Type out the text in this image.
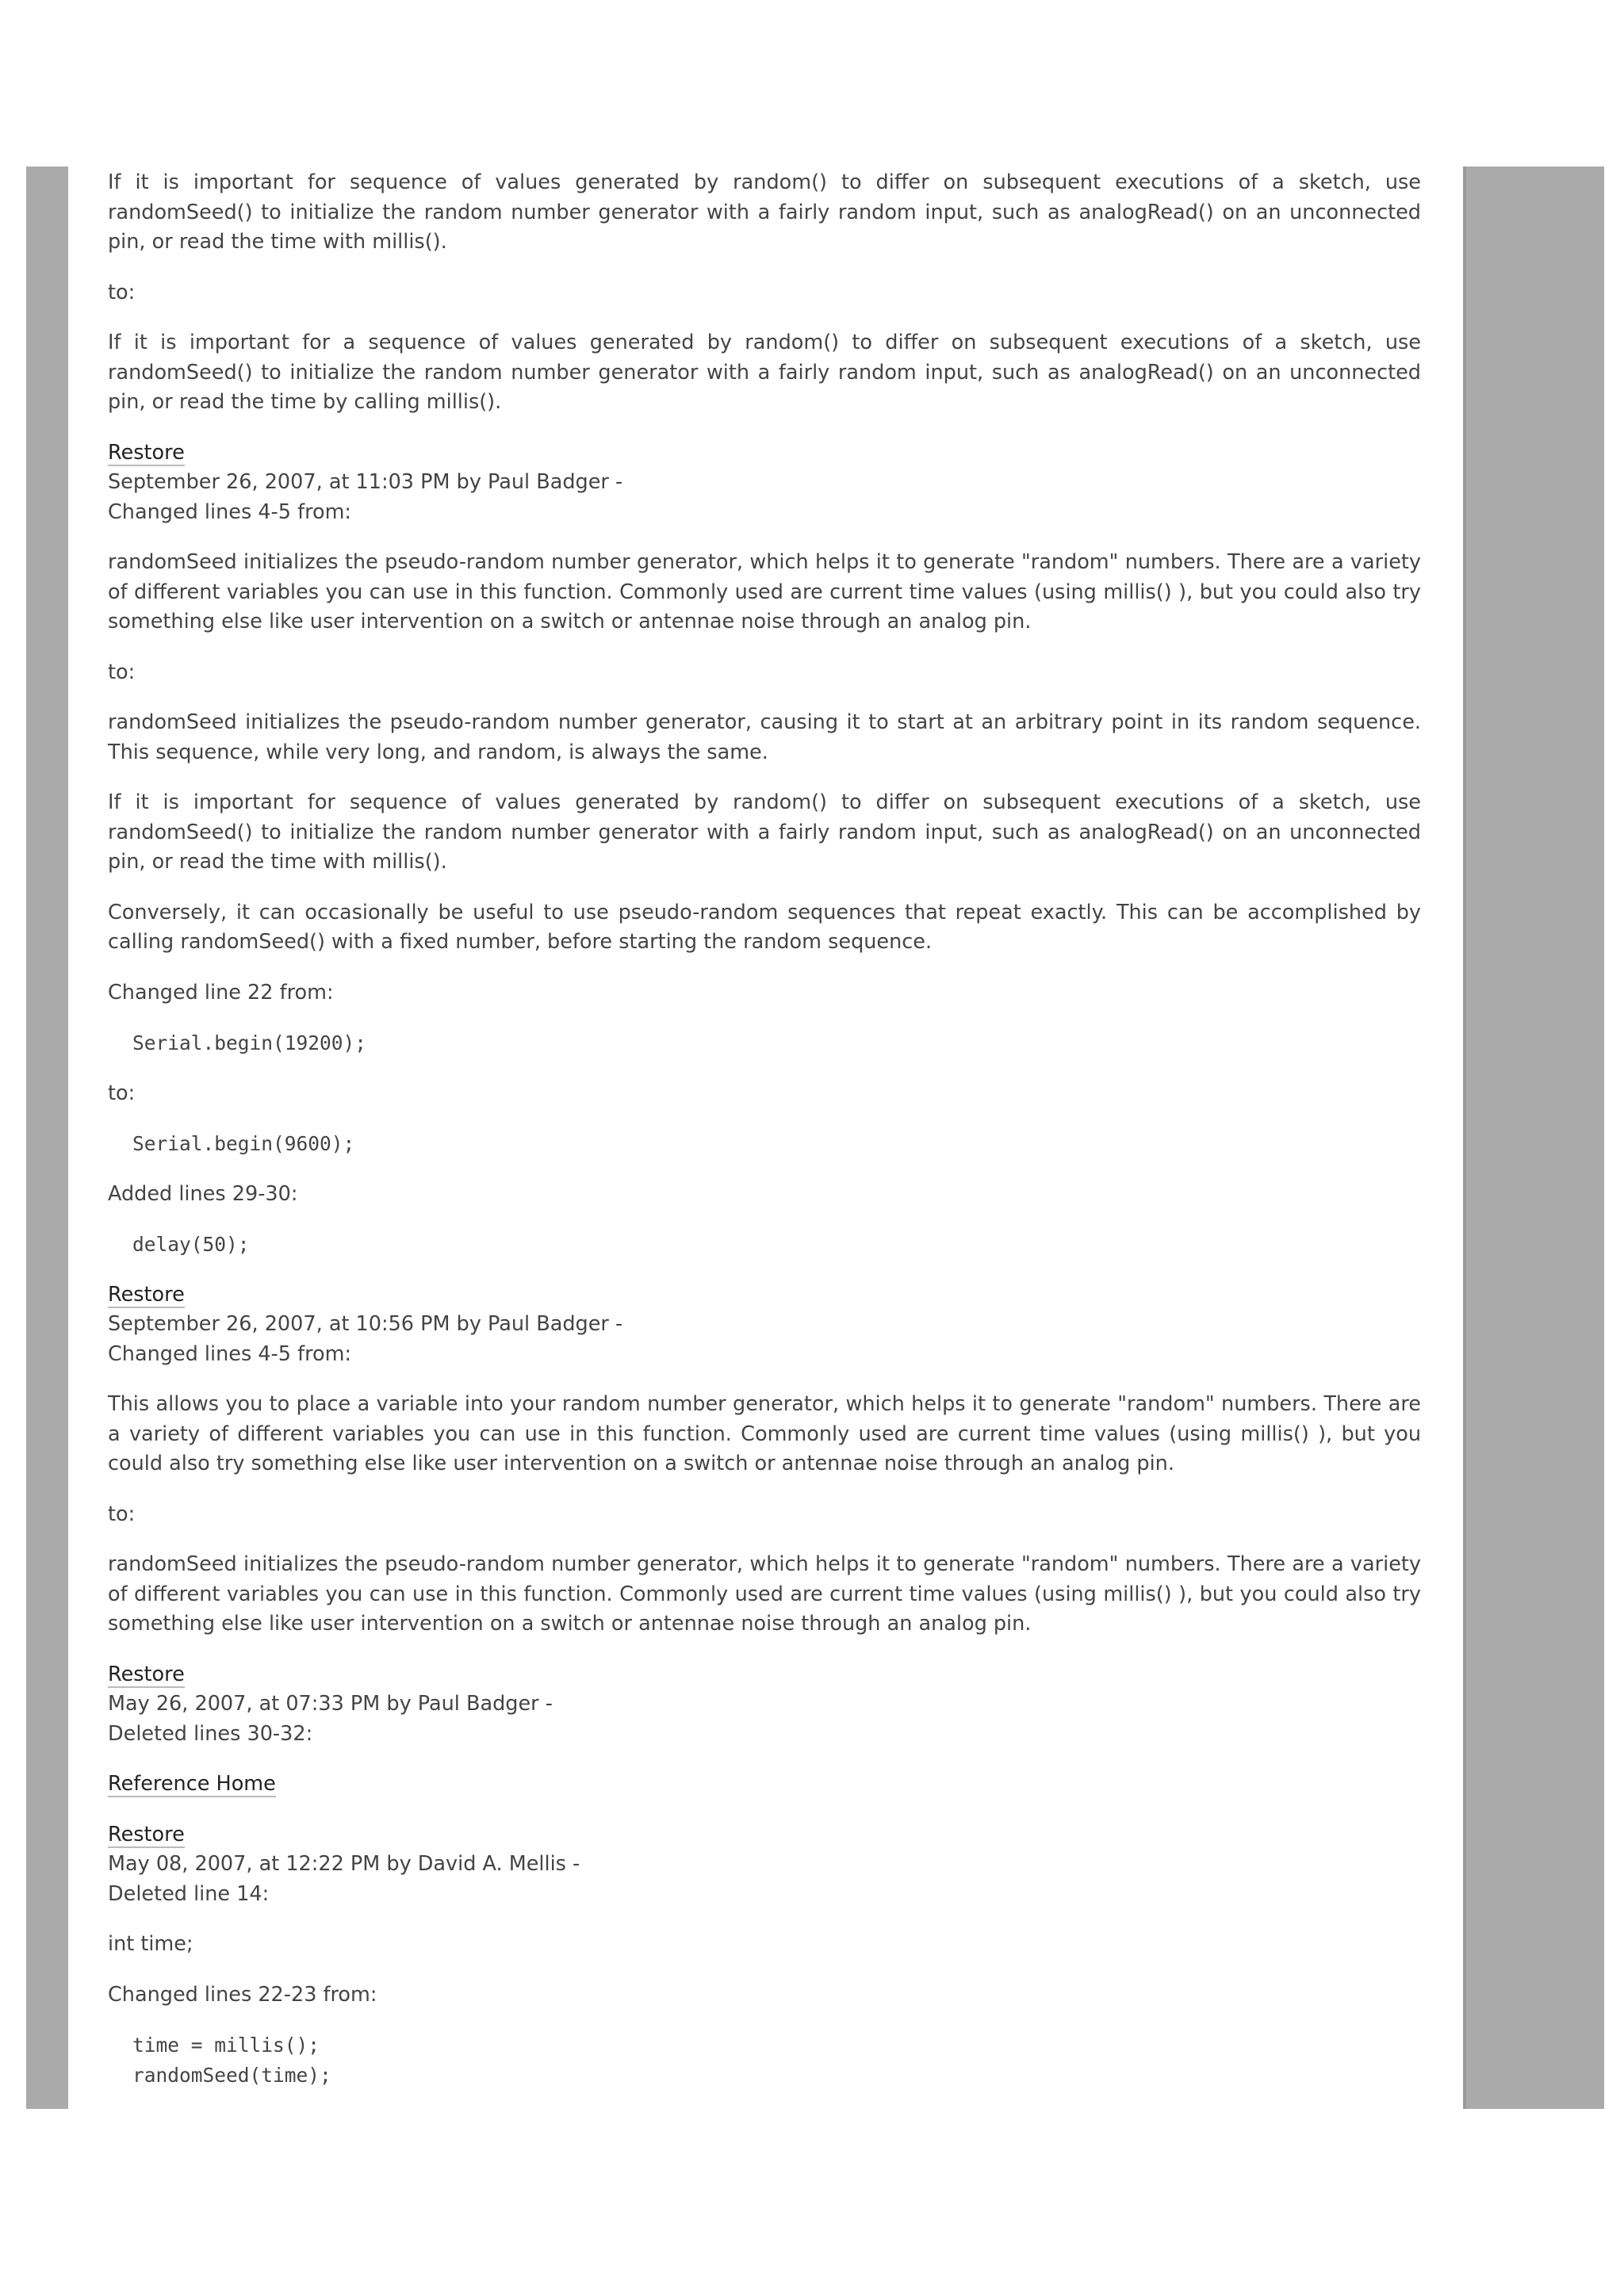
If it is important for sequence of values generated by random() to differ on subsequent executions of a sketch, use randomSeed() to initialize the random number generator with a fairly random input, such as analogRead() on an unconnected pin, or read the time with millis().

to:

If it is important for a sequence of values generated by random() to differ on subsequent executions of a sketch, use randomSeed() to initialize the random number generator with a fairly random input, such as analogRead() on an unconnected pin, or read the time by calling millis().

Restore
September 26, 2007, at 11:03 PM by Paul Badger -
Changed lines 4-5 from:

randomSeed initializes the pseudo-random number generator, which helps it to generate "random" numbers. There are a variety of different variables you can use in this function. Commonly used are current time values (using millis() ), but you could also try something else like user intervention on a switch or antennae noise through an analog pin.

to:

randomSeed initializes the pseudo-random number generator, causing it to start at an arbitrary point in its random sequence. This sequence, while very long, and random, is always the same.

If it is important for sequence of values generated by random() to differ on subsequent executions of a sketch, use randomSeed() to initialize the random number generator with a fairly random input, such as analogRead() on an unconnected pin, or read the time with millis().

Conversely, it can occasionally be useful to use pseudo-random sequences that repeat exactly. This can be accomplished by calling randomSeed() with a fixed number, before starting the random sequence.

Changed line 22 from:

Serial.begin(19200);

to:

Serial.begin(9600);

Added lines 29-30:

delay(50);
Restore
September 26, 2007, at 10:56 PM by Paul Badger -
Changed lines 4-5 from:

This allows you to place a variable into your random number generator, which helps it to generate "random" numbers. There are a variety of different variables you can use in this function. Commonly used are current time values (using millis() ), but you could also try something else like user intervention on a switch or antennae noise through an analog pin.

to:

randomSeed initializes the pseudo-random number generator, which helps it to generate "random" numbers. There are a variety of different variables you can use in this function. Commonly used are current time values (using millis() ), but you could also try something else like user intervention on a switch or antennae noise through an analog pin.

Restore
May 26, 2007, at 07:33 PM by Paul Badger -
Deleted lines 30-32:

Reference Home

Restore
May 08, 2007, at 12:22 PM by David A. Mellis -
Deleted line 14:

int time;

Changed lines 22-23 from:

time = millis();
randomSeed(time);
